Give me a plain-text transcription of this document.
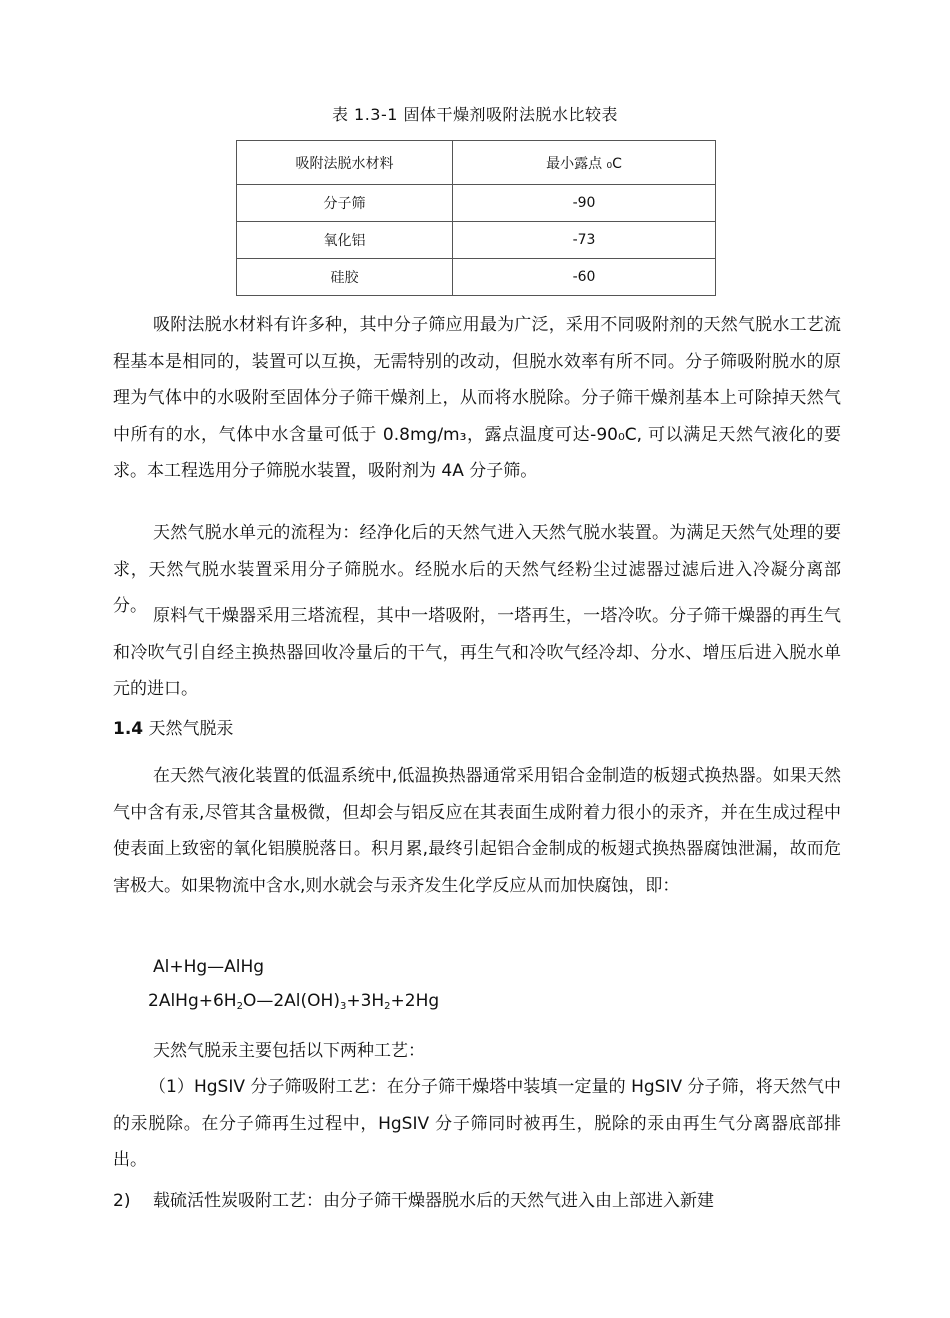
表 1.3-1 固体干燥剂吸附法脱水比较表
吸附法脱水材料	最小露点 ₀C
分子筛	-90
氧化铝	-73
硅胶	-60

吸附法脱水材料有许多种，其中分子筛应用最为广泛，采用不同吸附剂的天然气脱水工艺流程基本是相同的，装置可以互换，无需特别的改动，但脱水效率有所不同。分子筛吸附脱水的原理为气体中的水吸附至固体分子筛干燥剂上，从而将水脱除。分子筛干燥剂基本上可除掉天然气中所有的水，气体中水含量可低于 0.8mg/m₃，露点温度可达-90₀C, 可以满足天然气液化的要求。本工程选用分子筛脱水装置，吸附剂为 4A 分子筛。

天然气脱水单元的流程为：经净化后的天然气进入天然气脱水装置。为满足天然气处理的要求，天然气脱水装置采用分子筛脱水。经脱水后的天然气经粉尘过滤器过滤后进入冷凝分离部分。 原料气干燥器采用三塔流程，其中一塔吸附，一塔再生，一塔冷吹。分子筛干燥器的再生气和冷吹气引自经主换热器回收冷量后的干气，再生气和冷吹气经冷却、分水、增压后进入脱水单元的进口。

1.4 天然气脱汞

在天然气液化装置的低温系统中,低温换热器通常采用铝合金制造的板翅式换热器。如果天然气中含有汞,尽管其含量极微，但却会与铝反应在其表面生成附着力很小的汞齐，并在生成过程中使表面上致密的氧化铝膜脱落日。积月累,最终引起铝合金制成的板翅式换热器腐蚀泄漏，故而危害极大。如果物流中含水,则水就会与汞齐发生化学反应从而加快腐蚀，即：

Al+Hg—AlHg
$2AlHg+6H_2O—2Al(OH)_3+3H_2+2Hg$

天然气脱汞主要包括以下两种工艺：

（1）HgSIV 分子筛吸附工艺：在分子筛干燥塔中装填一定量的 HgSIV 分子筛，将天然气中的汞脱除。在分子筛再生过程中，HgSIV 分子筛同时被再生，脱除的汞由再生气分离器底部排出。

2) 载硫活性炭吸附工艺：由分子筛干燥器脱水后的天然气进入由上部进入新建
